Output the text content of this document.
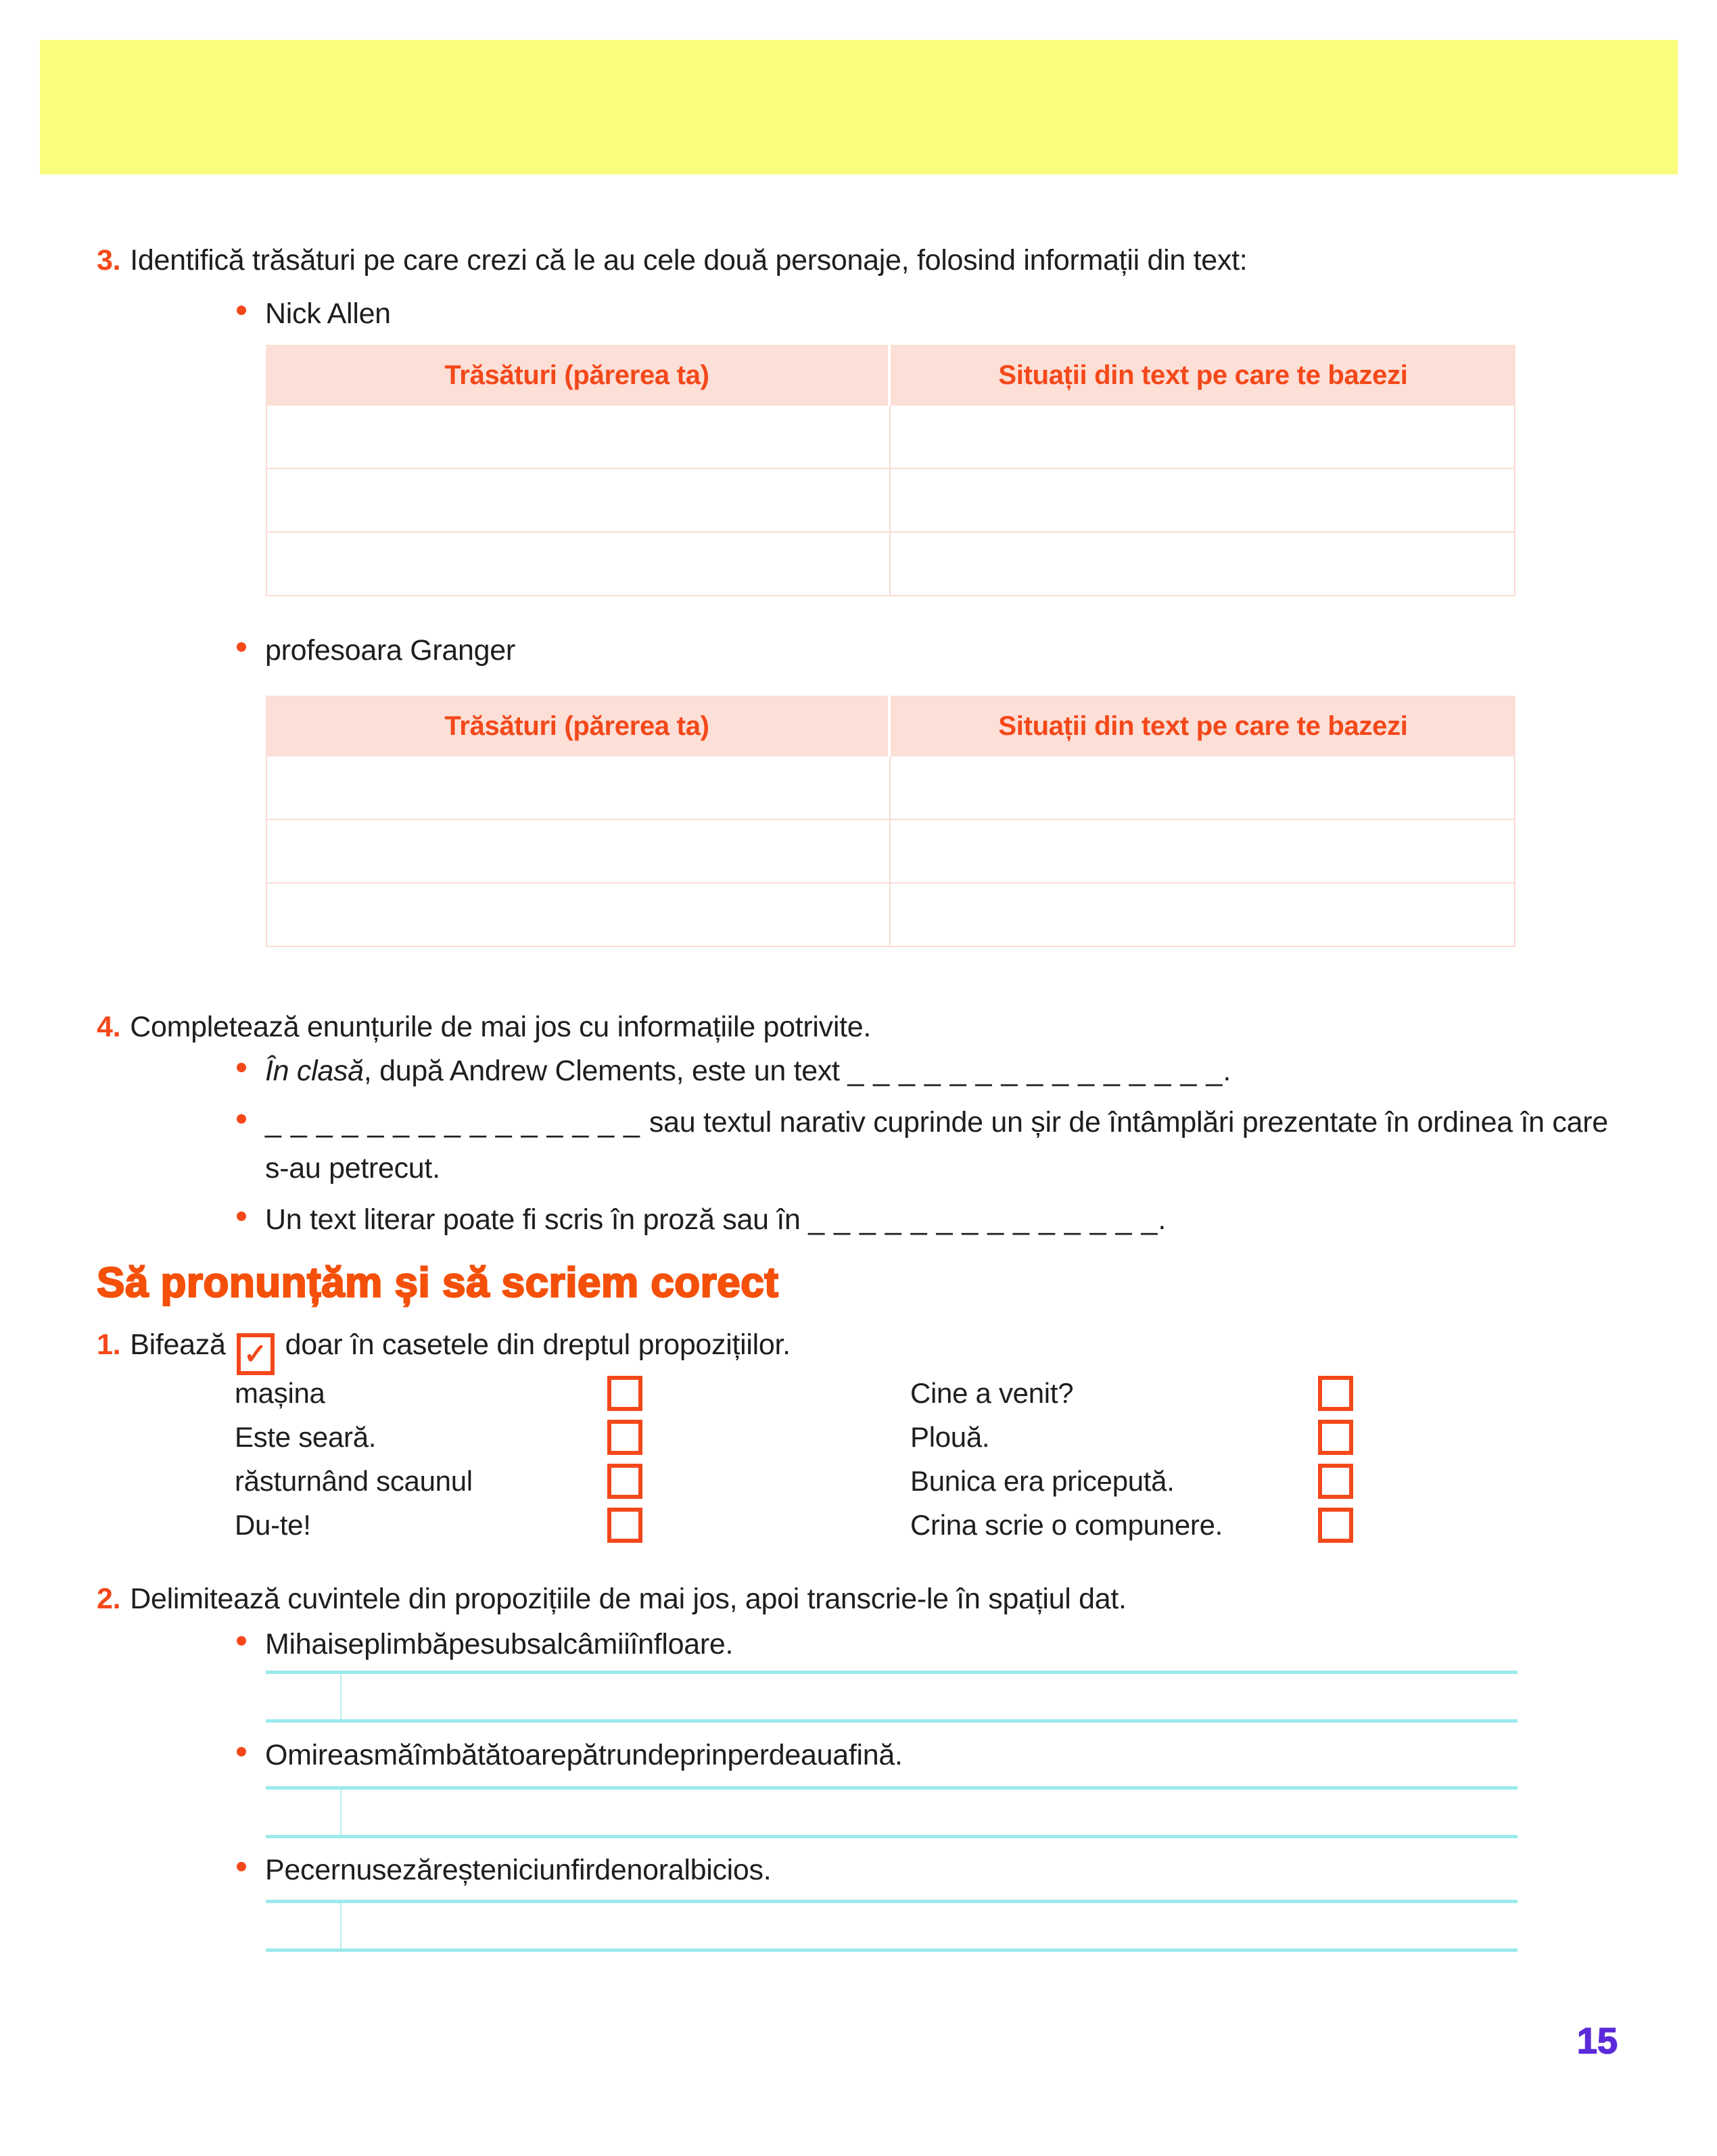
3. Identifică trăsături pe care crezi că le au cele două personaje, folosind informații din text:
Nick Allen
Trăsături (părerea ta)	Situații din text pe care te bazezi
profesoara Granger
Trăsături (părerea ta)	Situații din text pe care te bazezi
4. Completează enunțurile de mai jos cu informațiile potrivite.
În clasă, după Andrew Clements, este un text _ _ _ _ _ _ _ _ _ _ _ _ _ _ _.
_ _ _ _ _ _ _ _ _ _ _ _ _ _ _ sau textul narativ cuprinde un șir de întâmplări prezentate în ordinea în care s-au petrecut.
Un text literar poate fi scris în proză sau în _ _ _ _ _ _ _ _ _ _ _ _ _ _.
Să pronunțăm și să scriem corect
1. Bifează ✓ doar în casetele din dreptul propozițiilor.
mașina
Este seară.
răsturnând scaunul
Du-te!
Cine a venit?
Plouă.
Bunica era pricepută.
Crina scrie o compunere.
2. Delimitează cuvintele din propozițiile de mai jos, apoi transcrie-le în spațiul dat.
Mihaiseplimbăpesubsalcâmiiînfloare.
Omireasmăîmbătătoarepătrundeprinperdeauafină.
Pecernusezăreșteniciunfirdenoralbicios.
15
